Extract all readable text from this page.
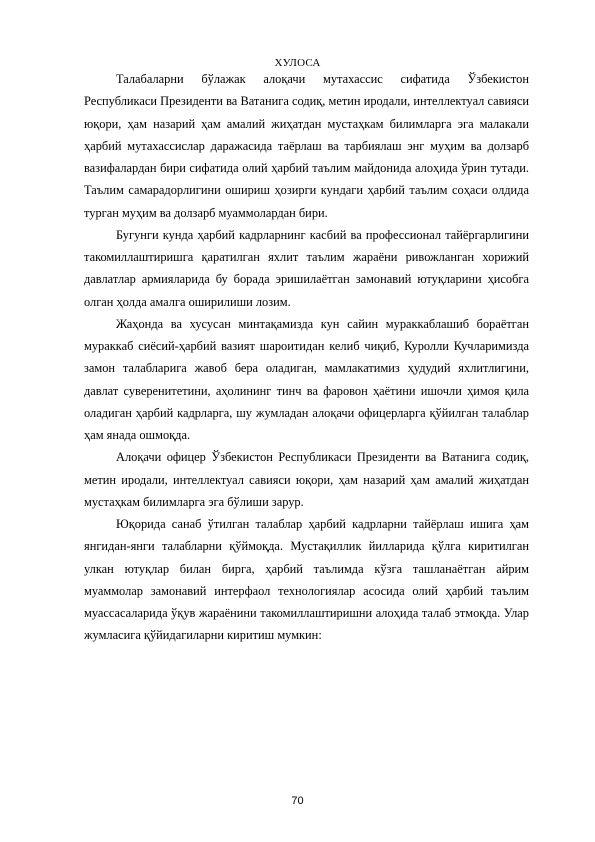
ХУЛОСА

Талабаларни бўлажак алоқачи мутахассис сифатида Ўзбекистон Республикаси Президенти ва Ватанига содиқ, метин иродали, интеллектуал савияси юқори, ҳам назарий ҳам амалий жиҳатдан мустаҳкам билимларга эга малакали ҳарбий мутахассислар даражасида таёрлаш ва тарбиялаш энг муҳим ва долзарб вазифалардан бири сифатида олий ҳарбий таълим майдонида алоҳида ўрин тутади. Таълим самарадорлигини ошириш ҳозирги кундаги ҳарбий таълим соҳаси олдида турган муҳим ва долзарб муаммолардан бири.

Бугунги кунда ҳарбий кадрларнинг касбий ва профессионал тайёргарлигини такомиллаштиришга қаратилган яхлит таълим жараёни ривожланган хорижий давлатлар армияларида бу борада эришилаётган замонавий ютуқларини ҳисобга олган ҳолда амалга оширилиши лозим.

Жаҳонда ва хусусан минтақамизда кун сайин мураккаблашиб бораётган мураккаб сиёсий-ҳарбий вазият шароитидан келиб чиқиб, Куролли Кучларимизда замон талабларига жавоб бера оладиган, мамлакатимиз ҳудудий яхлитлигини, давлат суверенитетини, аҳолининг тинч ва фаровон ҳаётини ишочли ҳимоя қила оладиган ҳарбий кадрларга, шу жумладан алоқачи офицерларга қўйилган талаблар ҳам янада ошмоқда.

Алоқачи офицер Ўзбекистон Республикаси Президенти ва Ватанига содиқ, метин иродали, интеллектуал савияси юқори, ҳам назарий ҳам амалий жиҳатдан мустаҳкам билимларга эга бўлиши зарур.

Юқорида санаб ўтилган талаблар ҳарбий кадрларни тайёрлаш ишига ҳам янгидан-янги талабларни қўймоқда. Мустақиллик йилларида қўлга киритилган улкан ютуқлар билан бирга, ҳарбий таълимда кўзга ташланаётган айрим муаммолар замонавий интерфаол технологиялар асосида олий ҳарбий таълим муассасаларида ўқув жараёнини такомиллаштиришни алоҳида талаб этмоқда. Улар жумласига қўйидагиларни киритиш мумкин:

70
